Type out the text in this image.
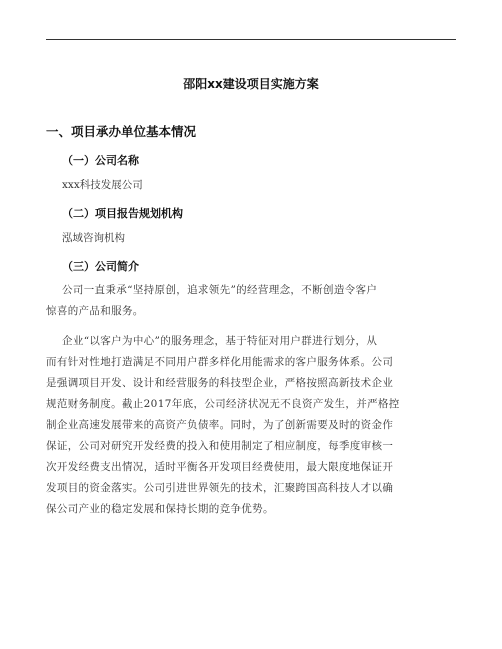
邵阳xx建设项目实施方案
一、项目承办单位基本情况
（一）公司名称
xxx科技发展公司
（二）项目报告规划机构
泓域咨询机构
（三）公司简介
公司一直秉承“坚持原创，追求领先”的经营理念，不断创造令客户
惊喜的产品和服务。
企业“以客户为中心”的服务理念，基于特征对用户群进行划分，从
而有针对性地打造满足不同用户群多样化用能需求的客户服务体系。公司
是强调项目开发、设计和经营服务的科技型企业，严格按照高新技术企业
规范财务制度。截止2017年底，公司经济状况无不良资产发生，并严格控
制企业高速发展带来的高资产负债率。同时，为了创新需要及时的资金作
保证，公司对研究开发经费的投入和使用制定了相应制度，每季度审核一
次开发经费支出情况，适时平衡各开发项目经费使用，最大限度地保证开
发项目的资金落实。公司引进世界领先的技术，汇聚跨国高科技人才以确
保公司产业的稳定发展和保持长期的竞争优势。
